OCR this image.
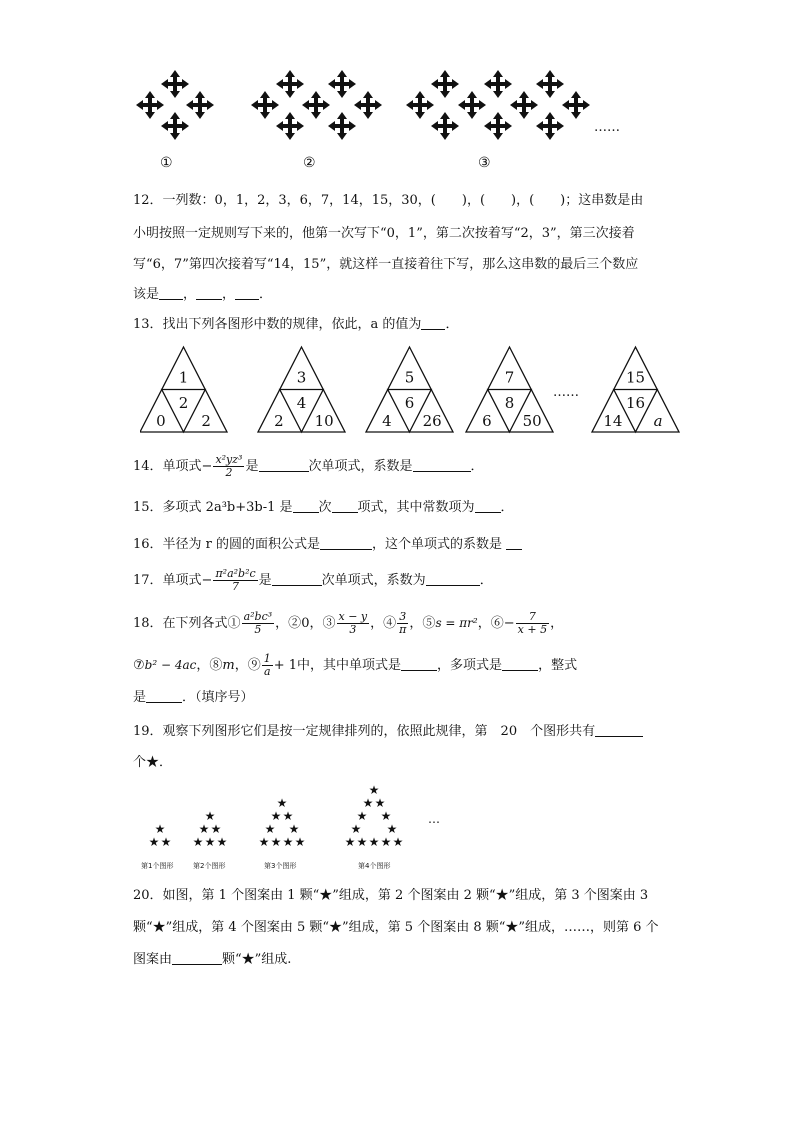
①	②	③
……
12．一列数：0，1，2，3，6，7，14，15，30，(　　)，(　　)，(　　)；这串数是由
小明按照一定规则写下来的，他第一次写下“0，1”，第二次按着写“2，3”，第三次接着
写“6，7”第四次接着写“14，15”，就这样一直接着往下写，那么这串数的最后三个数应
该是 ， ， ．
13．找出下列各图形中数的规律，依此，a 的值为 ．
1
2
0 2
3
4
2 10
5
6
4 26
7
8
6 50
15
16
14 a
……
14．单项式− $\frac{\text{x²yz³}}{2}$ 是	次单项式，系数是	．
15．多项式 2a³b+3b-1 是 次 项式，其中常数项为 ．
16．半径为 r 的圆的面积公式是	，这个单项式的系数是
17．单项式− $\frac{\text{π²a²b²c}}{7}$ 是	次单项式，系数为	．
18．在下列各式① $\frac{\text{a²bc³}}{5}$ ，②0，③ $\frac{x - y}{3}$ ，④ $\frac{3}{\pi}$ ，⑤s = πr²，⑥− $\frac{7}{x + 5}$ ，
⑦b² − 4ac，⑧m，⑨ $\frac{1}{a} + 1$中，其中单项式是	，多项式是	，整式
是	．（填序号）
19．观察下列图形它们是按一定规律排列的，依照此规律，第　20　个图形共有
个★．
★ ★
★
★ ★ ★
★ ★
★
★ ★ ★ ★
★ ★
★ ★
★
★ ★ ★ ★ ★
★ ★
★ ★
★ ★
★
…
第1个图形	第2个图形	第3个图形	第4个图形
20．如图，第 1 个图案由 1 颗“★”组成，第 2 个图案由 2 颗“★”组成，第 3 个图案由 3
颗“★”组成，第 4 个图案由 5 颗“★”组成，第 5 个图案由 8 颗“★”组成，……，则第 6 个
图案由	颗“★”组成.
